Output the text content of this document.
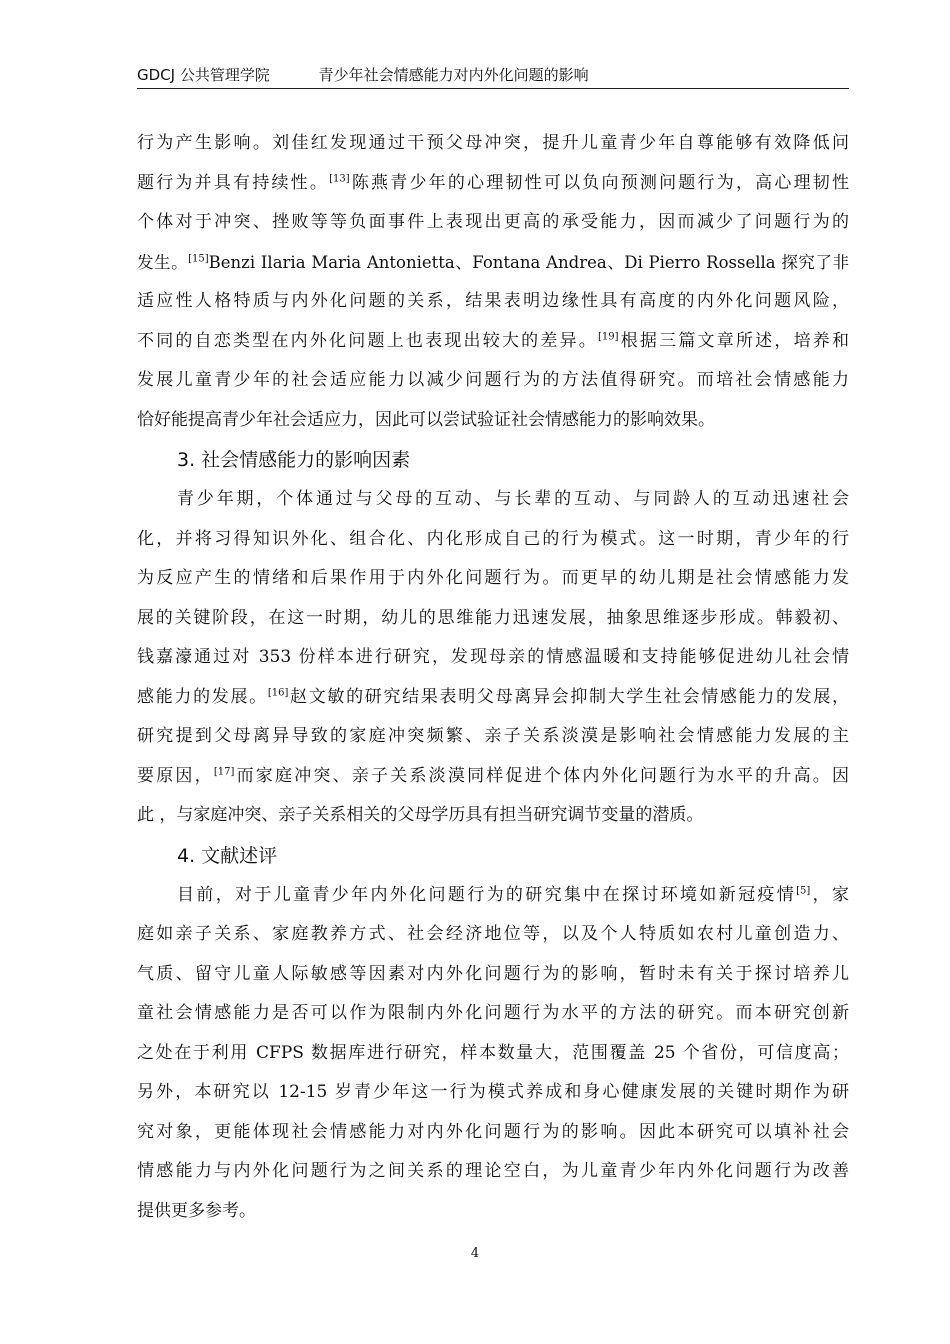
GDCJ 公共管理学院	青少年社会情感能力对内外化问题的影响
行为产生影响。刘佳红发现通过干预父母冲突，提升儿童青少年自尊能够有效降低问
题行为并具有持续性。[13]陈燕青少年的心理韧性可以负向预测问题行为，高心理韧性
个体对于冲突、挫败等等负面事件上表现出更高的承受能力，因而减少了问题行为的
发生。[15]Benzi Ilaria Maria Antonietta、Fontana Andrea、Di Pierro Rossella 探究了非
适应性人格特质与内外化问题的关系，结果表明边缘性具有高度的内外化问题风险，
不同的自恋类型在内外化问题上也表现出较大的差异。[19]根据三篇文章所述，培养和
发展儿童青少年的社会适应能力以减少问题行为的方法值得研究。而培社会情感能力
恰好能提高青少年社会适应力，因此可以尝试验证社会情感能力的影响效果。
3. 社会情感能力的影响因素
青少年期，个体通过与父母的互动、与长辈的互动、与同龄人的互动迅速社会
化，并将习得知识外化、组合化、内化形成自己的行为模式。这一时期，青少年的行
为反应产生的情绪和后果作用于内外化问题行为。而更早的幼儿期是社会情感能力发
展的关键阶段，在这一时期，幼儿的思维能力迅速发展，抽象思维逐步形成。韩毅初、
钱嘉濠通过对 353 份样本进行研究，发现母亲的情感温暖和支持能够促进幼儿社会情
感能力的发展。[16]赵文敏的研究结果表明父母离异会抑制大学生社会情感能力的发展，
研究提到父母离异导致的家庭冲突频繁、亲子关系淡漠是影响社会情感能力发展的主
要原因，[17]而家庭冲突、亲子关系淡漠同样促进个体内外化问题行为水平的升高。因
此 ，与家庭冲突、亲子关系相关的父母学历具有担当研究调节变量的潜质。
4. 文献述评
目前，对于儿童青少年内外化问题行为的研究集中在探讨环境如新冠疫情[5]，家
庭如亲子关系、家庭教养方式、社会经济地位等，以及个人特质如农村儿童创造力、
气质、留守儿童人际敏感等因素对内外化问题行为的影响，暂时未有关于探讨培养儿
童社会情感能力是否可以作为限制内外化问题行为水平的方法的研究。而本研究创新
之处在于利用 CFPS 数据库进行研究，样本数量大，范围覆盖 25 个省份，可信度高；
另外，本研究以 12-15 岁青少年这一行为模式养成和身心健康发展的关键时期作为研
究对象，更能体现社会情感能力对内外化问题行为的影响。因此本研究可以填补社会
情感能力与内外化问题行为之间关系的理论空白，为儿童青少年内外化问题行为改善
提供更多参考。
4
